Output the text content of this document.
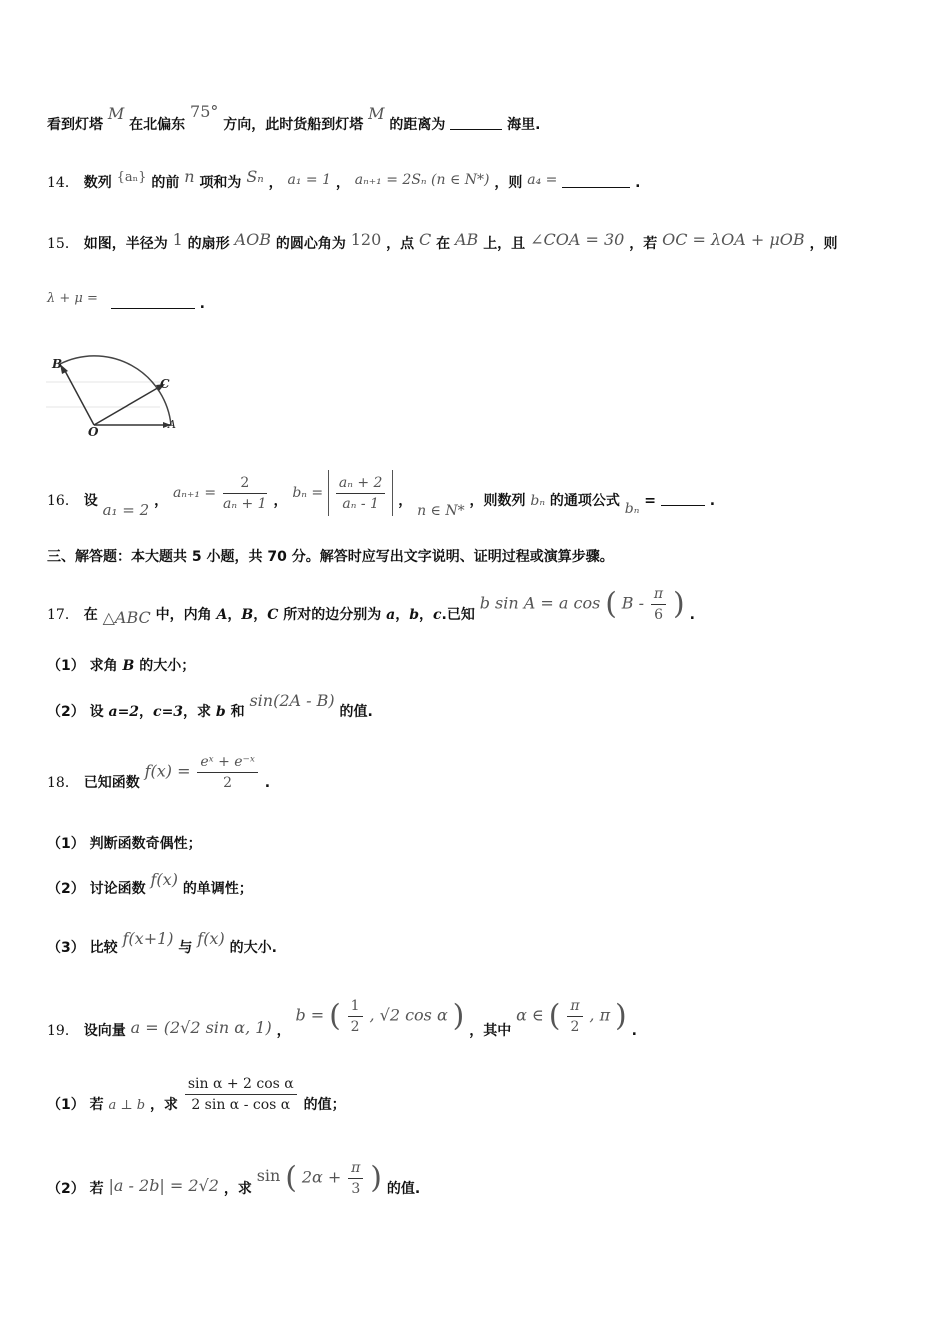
看到灯塔 M 在北偏东 75° 方向，此时货船到灯塔 M 的距离为	海里.
14． 数列 {aₙ} 的前 n 项和为 Sₙ ， a₁ = 1 ， aₙ₊₁ = 2Sₙ (n ∈ N*) ，则 a₄ =	.
15． 如图，半径为 1 的扇形 AOB 的圆心角为 120 ，点 C 在 AB 上，且 ∠COA = 30 ，若 OC = λOA + μOB ，则
λ + μ =	.
B
C
O
A
16． 设 a₁ = 2 ， $a_{n+1} = \frac{2}{\text{aₙ + 1}}$ ， $b_n = \frac{\text{aₙ + 2}}{\text{aₙ - 1}}$ ， n ∈ N* ，则数列 bₙ 的通项公式 bₙ =	.
三、解答题：本大题共 5 小题，共 70 分。解答时应写出文字说明、证明过程或演算步骤。
17． 在 △ABC 中，内角 A，B，C 所对的边分别为 a，b，c.已知 b sin A = a cos ( B - $\frac{\pi}{6}$ ) .
（1） 求角 B 的大小；
（2） 设 a=2，c=3，求 b 和 sin(2A - B) 的值.
18． 已知函数 $f(x) = \frac{\text{eˣ + e⁻ˣ}}{2}$ .
（1） 判断函数奇偶性；
（2） 讨论函数 f(x) 的单调性；
（3） 比较 f(x+1) 与 f(x) 的大小.
19． 设向量 a = (2√2 sin α, 1) ， b = ( $\frac{1}{2}$ , √2 cos α ) ，其中 α ∈ ( $\frac{\pi}{2}$ , π ) .
（1） 若 a ⊥ b ，求 $\frac{\text{sin α + 2 cos α}}{\text{2 sin α - cos α}}$ 的值；
（2） 若 |a - 2b| = 2√2 ，求 sin ( $2\alpha + \frac{\pi}{3}$ ) 的值.
